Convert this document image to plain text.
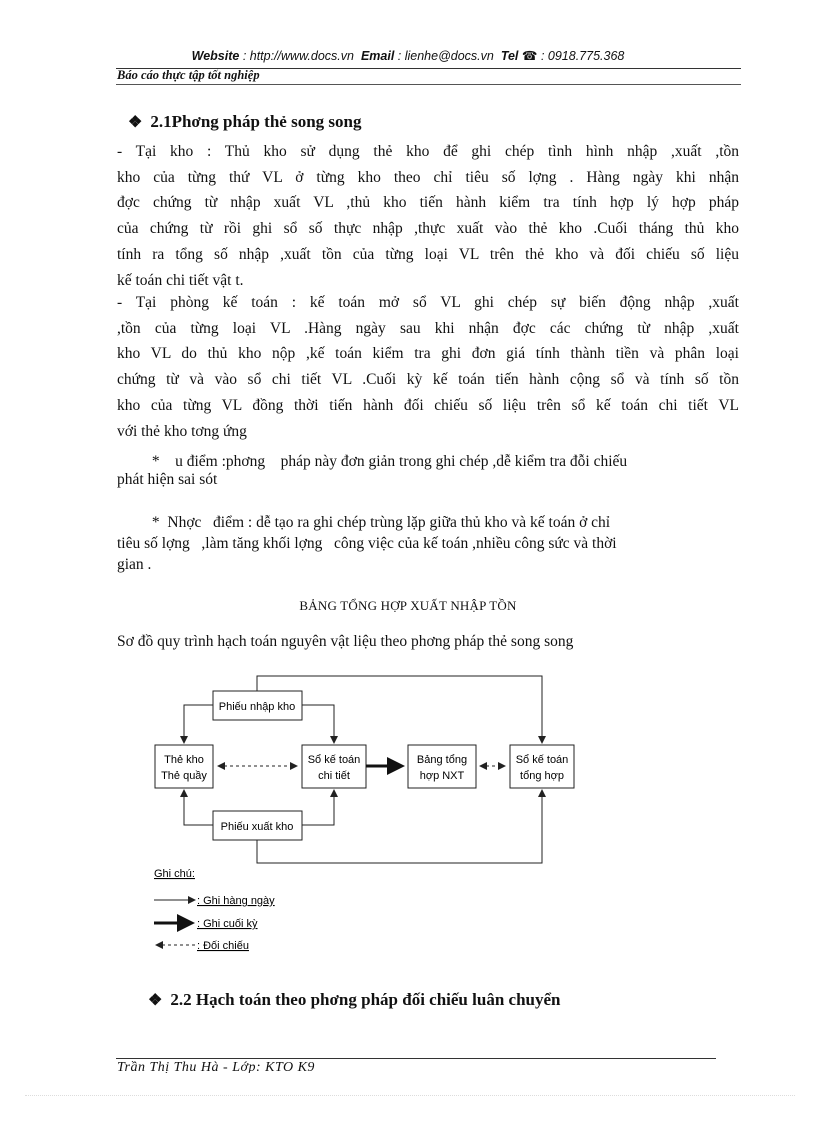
Website : http://www.docs.vn Email : lienhe@docs.vn Tel ☎ : 0918.775.368
Báo cáo thực tập tốt nghiệp
❖ 2.1Phơng pháp thẻ song song
- Tại kho : Thủ kho sử dụng thẻ kho để ghi chép tình hình nhập ,xuất ,tồn
kho của từng thứ VL ở từng kho theo chỉ tiêu số lợng . Hàng ngày khi nhận
đợc chứng từ nhập xuất VL ,thủ kho tiến hành kiểm tra tính hợp lý hợp pháp
của chứng từ rồi ghi sổ số thực nhập ,thực xuất vào thẻ kho .Cuối tháng thủ kho
tính ra tổng số nhập ,xuất tồn của từng loại VL trên thẻ kho và đối chiếu số liệu
kế toán chi tiết vật t.
- Tại phòng kế toán : kế toán mở sổ VL ghi chép sự biến động nhập ,xuất
,tồn của từng loại VL .Hàng ngày sau khi nhận đợc các chứng từ nhập ,xuất
kho VL do thủ kho nộp ,kế toán kiểm tra ghi đơn giá tính thành tiền và phân loại
chứng từ và vào sổ chi tiết VL .Cuối kỳ kế toán tiến hành cộng sổ và tính số tồn
kho của từng VL đồng thời tiến hành đối chiếu số liệu trên sổ kế toán chi tiết VL
với thẻ kho tơng ứng
*    u điểm :phơng    pháp này đơn giản trong ghi chép ,dễ kiểm tra đỗi chiếu
phát hiện sai sót
*  Nhợc   điểm : dễ tạo ra ghi chép trùng lặp giữa thủ kho và kế toán ở chỉ
tiêu số lợng   ,làm tăng khối lợng   công việc của kế toán ,nhiều công sức và thời
gian .
BẢNG TỔNG HỢP XUẤT NHẬP TỒN
Sơ đồ quy trình hạch toán nguyên vật liệu theo phơng pháp thẻ song song
Phiếu nhập kho
Thẻ kho
Thẻ quầy
Sổ kế toán
chi tiết
Bảng tổng
hợp NXT
Sổ kế toán
tổng hợp
Phiếu xuất kho
Ghi chú:
: Ghi hàng ngày
: Ghi cuối kỳ
: Đối chiếu
❖ 2.2 Hạch toán theo phơng pháp đối chiếu luân chuyển
Trần Thị Thu Hà - Lớp: KTO K9
